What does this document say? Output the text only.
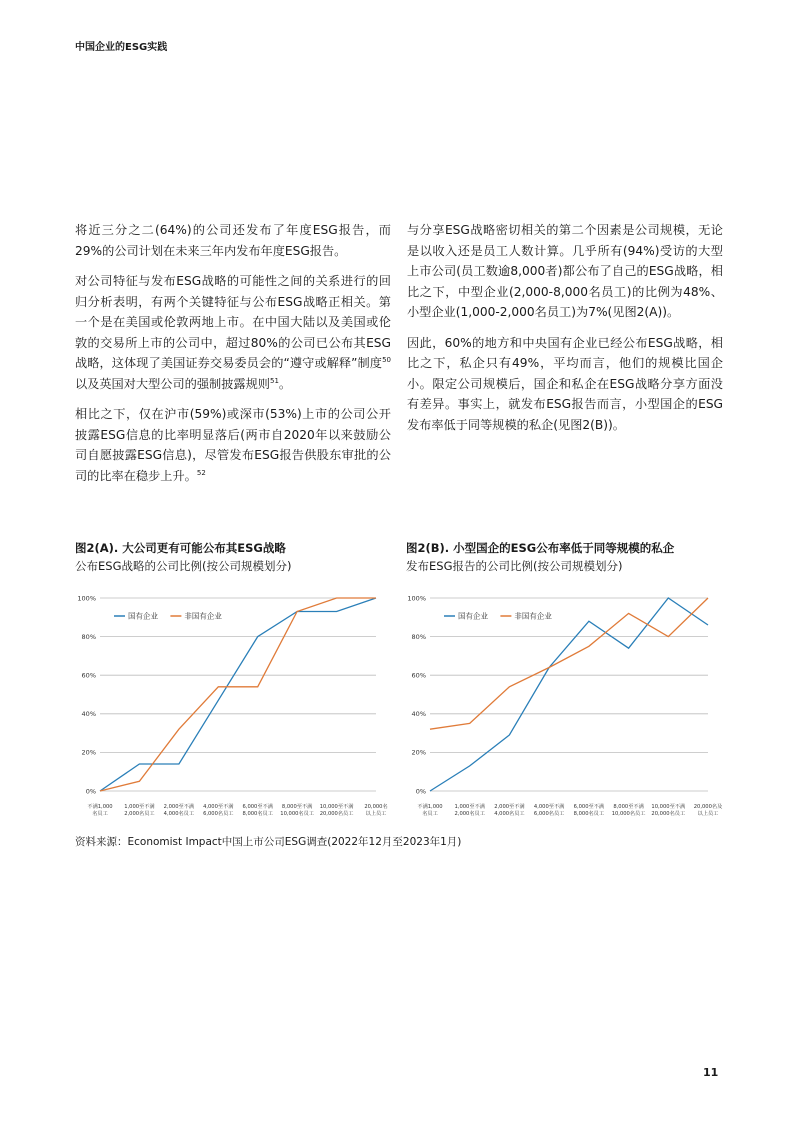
中国企业的ESG实践

将近三分之二(64%)的公司还发布了年度ESG报告，而29%的公司计划在未来三年内发布年度ESG报告。

对公司特征与发布ESG战略的可能性之间的关系进行的回归分析表明，有两个关键特征与公布ESG战略正相关。第一个是在美国或伦敦两地上市。在中国大陆以及美国或伦敦的交易所上市的公司中，超过80%的公司已公布其ESG战略，这体现了美国证券交易委员会的“遵守或解释”制度$^{50}$以及英国对大型公司的强制披露规则$^{51}$。

相比之下，仅在沪市(59%)或深市(53%)上市的公司公开披露ESG信息的比率明显落后(两市自2020年以来鼓励公司自愿披露ESG信息)，尽管发布ESG报告供股东审批的公司的比率在稳步上升。$^{52}$

与分享ESG战略密切相关的第二个因素是公司规模，无论是以收入还是员工人数计算。几乎所有(94%)受访的大型上市公司(员工数逾8,000者)都公布了自己的ESG战略，相比之下，中型企业(2,000-8,000名员工)的比例为48%、小型企业(1,000-2,000名员工)为7%(见图2(A))。

因此，60%的地方和中央国有企业已经公布ESG战略，相比之下，私企只有49%，平均而言，他们的规模比国企小。限定公司规模后，国企和私企在ESG战略分享方面没有差异。事实上，就发布ESG报告而言，小型国企的ESG发布率低于同等规模的私企(见图2(B))。

图2(A). 大公司更有可能公布其ESG战略
公布ESG战略的公司比例(按公司规模划分)
0%
20%
40%
60%
80%
100%
不满1,000
名员工
1,000至不满
2,000名员工
2,000至不满
4,000名员工
4,000至不满
6,000名员工
6,000至不满
8,000名员工
8,000至不满
10,000名员工
10,000至不满
20,000名员工
20,000名
以上员工
国有企业	非国有企业
图2(B). 小型国企的ESG公布率低于同等规模的私企
发布ESG报告的公司比例(按公司规模划分)
0%
20%
40%
60%
80%
100%
不满1,000
名员工
1,000至不满
2,000名员工
2,000至不满
4,000名员工
4,000至不满
6,000名员工
6,000至不满
8,000名员工
8,000至不满
10,000名员工
10,000至不满
20,000名员工
20,000名及
以上员工
国有企业	非国有企业
资料来源：Economist Impact中国上市公司ESG调查(2022年12月至2023年1月)
11
